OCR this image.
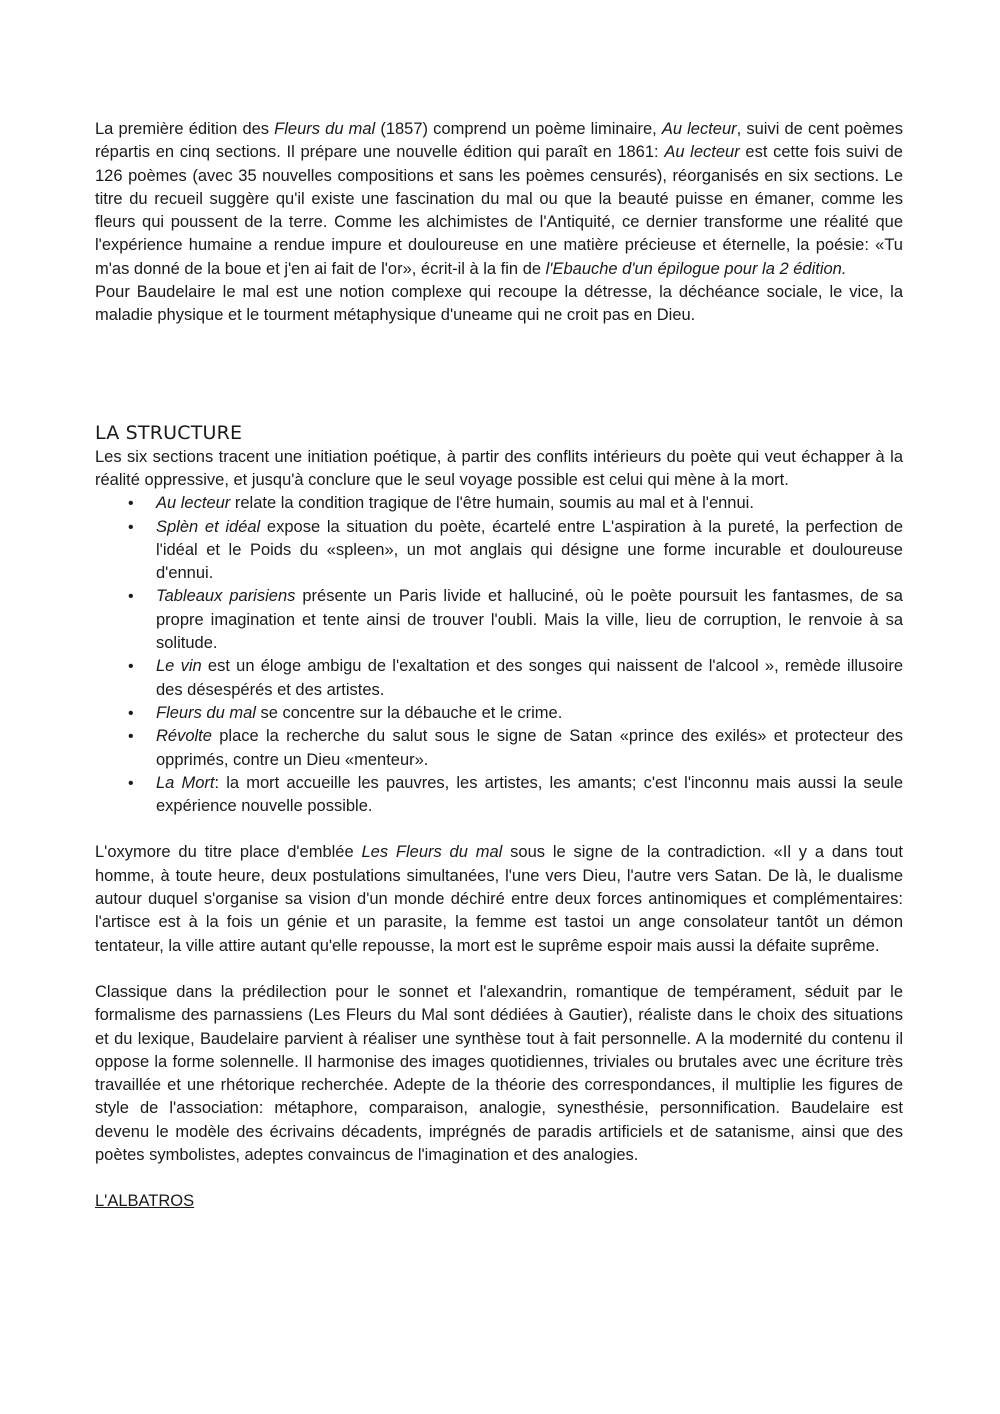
La première édition des Fleurs du mal (1857) comprend un poème liminaire, Au lecteur, suivi de cent poèmes répartis en cinq sections. Il prépare une nouvelle édition qui paraît en 1861: Au lecteur est cette fois suivi de 126 poèmes (avec 35 nouvelles compositions et sans les poèmes censurés), réorganisés en six sections. Le titre du recueil suggère qu'il existe une fascination du mal ou que la beauté puisse en émaner, comme les fleurs qui poussent de la terre. Comme les alchimistes de l'Antiquité, ce dernier transforme une réalité que l'expérience humaine a rendue impure et douloureuse en une matière précieuse et éternelle, la poésie: «Tu m'as donné de la boue et j'en ai fait de l'or», écrit-il à la fin de l'Ebauche d'un épilogue pour la 2 édition.

Pour Baudelaire le mal est une notion complexe qui recoupe la détresse, la déchéance sociale, le vice, la maladie physique et le tourment métaphysique d'uneame qui ne croit pas en Dieu.

LA STRUCTURE

Les six sections tracent une initiation poétique, à partir des conflits intérieurs du poète qui veut échapper à la réalité oppressive, et jusqu'à conclure que le seul voyage possible est celui qui mène à la mort.

• Au lecteur relate la condition tragique de l'être humain, soumis au mal et à l'ennui.
• Splèn et idéal expose la situation du poète, écartelé entre L'aspiration à la pureté, la perfection de l'idéal et le Poids du «spleen», un mot anglais qui désigne une forme incurable et douloureuse d'ennui.
• Tableaux parisiens présente un Paris livide et halluciné, où le poète poursuit les fantasmes, de sa propre imagination et tente ainsi de trouver l'oubli. Mais la ville, lieu de corruption, le renvoie à sa solitude.
• Le vin est un éloge ambigu de l'exaltation et des songes qui naissent de l'alcool », remède illusoire des désespérés et des artistes.
• Fleurs du mal se concentre sur la débauche et le crime.
• Révolte place la recherche du salut sous le signe de Satan «prince des exilés» et protecteur des opprimés, contre un Dieu «menteur».
• La Mort: la mort accueille les pauvres, les artistes, les amants; c'est l'inconnu mais aussi la seule expérience nouvelle possible.

L'oxymore du titre place d'emblée Les Fleurs du mal sous le signe de la contradiction. «Il y a dans tout homme, à toute heure, deux postulations simultanées, l'une vers Dieu, l'autre vers Satan. De là, le dualisme autour duquel s'organise sa vision d'un monde déchiré entre deux forces antinomiques et complémentaires: l'artisce est à la fois un génie et un parasite, la femme est tastoi un ange consolateur tantôt un démon tentateur, la ville attire autant qu'elle repousse, la mort est le suprême espoir mais aussi la défaite suprême.

Classique dans la prédilection pour le sonnet et l'alexandrin, romantique de tempérament, séduit par le formalisme des parnassiens (Les Fleurs du Mal sont dédiées à Gautier), réaliste dans le choix des situations et du lexique, Baudelaire parvient à réaliser une synthèse tout à fait personnelle. A la modernité du contenu il oppose la forme solennelle. Il harmonise des images quotidiennes, triviales ou brutales avec une écriture très travaillée et une rhétorique recherchée. Adepte de la théorie des correspondances, il multiplie les figures de style de l'association: métaphore, comparaison, analogie, synesthésie, personnification. Baudelaire est devenu le modèle des écrivains décadents, imprégnés de paradis artificiels et de satanisme, ainsi que des poètes symbolistes, adeptes convaincus de l'imagination et des analogies.

L'ALBATROS
